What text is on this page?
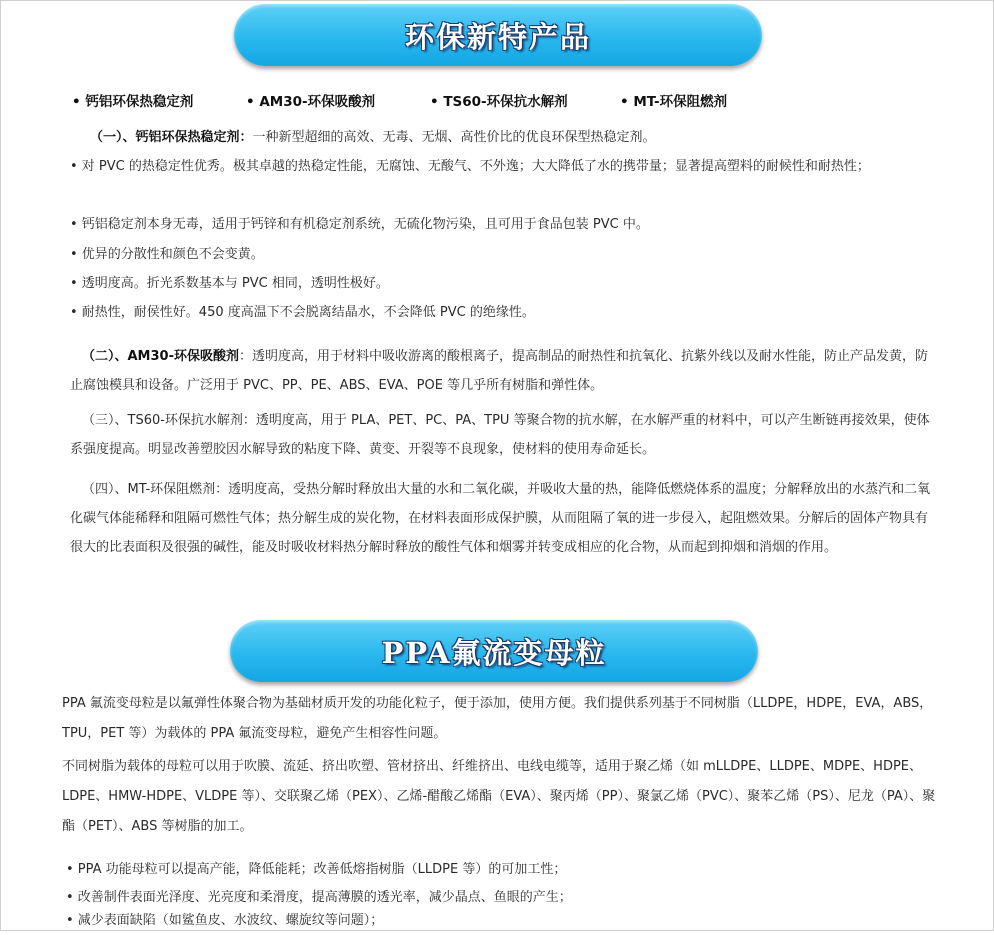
环保新特产品
• 钙铝环保热稳定剂	• AM30-环保吸酸剂	• TS60-环保抗水解剂	• MT-环保阻燃剂

（一）、钙铝环保热稳定剂：一种新型超细的高效、无毒、无烟、高性价比的优良环保型热稳定剂。

• 对 PVC 的热稳定性优秀。极其卓越的热稳定性能，无腐蚀、无酸气、不外逸；大大降低了水的携带量；显著提高塑料的耐候性和耐热性；

• 钙铝稳定剂本身无毒，适用于钙锌和有机稳定剂系统，无硫化物污染，且可用于食品包装 PVC 中。

• 优异的分散性和颜色不会变黄。

• 透明度高。折光系数基本与 PVC 相同，透明性极好。

• 耐热性，耐侯性好。450 度高温下不会脱离结晶水，不会降低 PVC 的绝缘性。

（二）、AM30-环保吸酸剂：透明度高，用于材料中吸收游离的酸根离子，提高制品的耐热性和抗氧化、抗紫外线以及耐水性能，防止产品发黄，防止腐蚀模具和设备。广泛用于 PVC、PP、PE、ABS、EVA、POE 等几乎所有树脂和弹性体。

（三）、TS60-环保抗水解剂：透明度高，用于 PLA、PET、PC、PA、TPU 等聚合物的抗水解，在水解严重的材料中，可以产生断链再接效果，使体系强度提高。明显改善塑胶因水解导致的粘度下降、黄变、开裂等不良现象，使材料的使用寿命延长。

（四）、MT-环保阻燃剂：透明度高，受热分解时释放出大量的水和二氧化碳，并吸收大量的热，能降低燃烧体系的温度；分解释放出的水蒸汽和二氧化碳气体能稀释和阻隔可燃性气体；热分解生成的炭化物，在材料表面形成保护膜，从而阻隔了氧的进一步侵入，起阻燃效果。分解后的固体产物具有很大的比表面积及很强的碱性，能及时吸收材料热分解时释放的酸性气体和烟雾并转变成相应的化合物，从而起到抑烟和消烟的作用。

PPA氟流变母粒

PPA 氟流变母粒是以氟弹性体聚合物为基础材质开发的功能化粒子，便于添加，使用方便。我们提供系列基于不同树脂（LLDPE，HDPE，EVA，ABS，TPU，PET 等）为载体的 PPA 氟流变母粒，避免产生相容性问题。

不同树脂为载体的母粒可以用于吹膜、流延、挤出吹塑、管材挤出、纤维挤出、电线电缆等，适用于聚乙烯（如 mLLDPE、LLDPE、MDPE、HDPE、LDPE、HMW-HDPE、VLDPE 等）、交联聚乙烯（PEX）、乙烯-醋酸乙烯酯（EVA）、聚丙烯（PP）、聚氯乙烯（PVC）、聚苯乙烯（PS）、尼龙（PA）、聚酯（PET）、ABS 等树脂的加工。

• PPA 功能母粒可以提高产能，降低能耗；改善低熔指树脂（LLDPE 等）的可加工性；

• 改善制件表面光泽度、光亮度和柔滑度，提高薄膜的透光率，减少晶点、鱼眼的产生；

• 减少表面缺陷（如鲨鱼皮、水波纹、螺旋纹等问题）；
